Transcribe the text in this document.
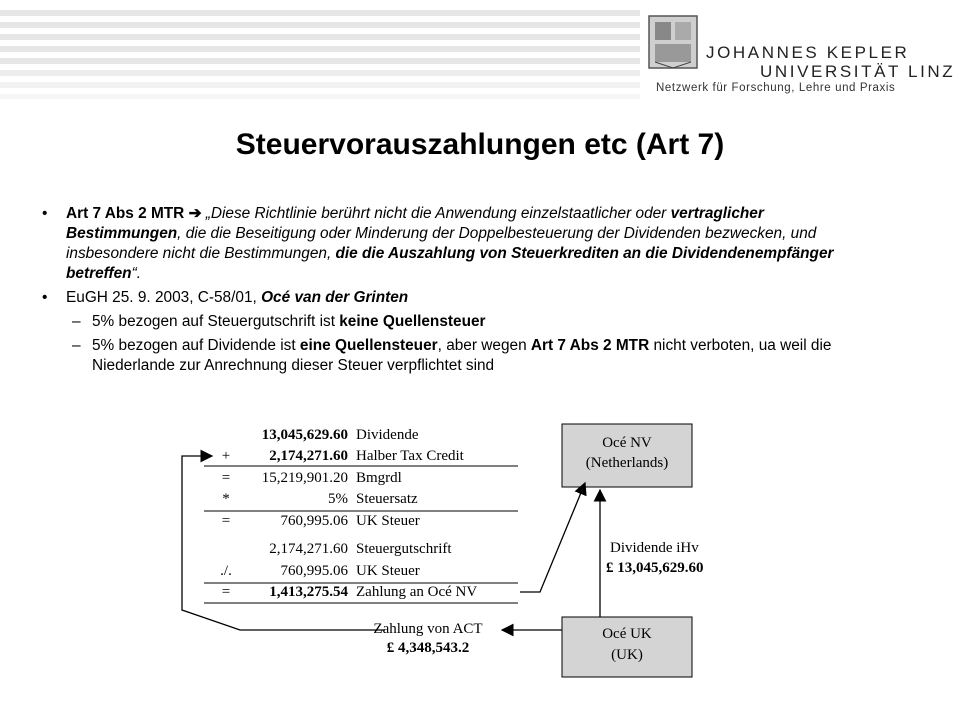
JOHANNES KEPLER
UNIVERSITÄT LINZ
Netzwerk für Forschung, Lehre und Praxis
Steuervorauszahlungen etc (Art 7)
• Art 7 Abs 2 MTR ➔ „Diese Richtlinie berührt nicht die Anwendung einzelstaatlicher oder vertraglicher Bestimmungen, die die Beseitigung oder Minderung der Doppelbesteuerung der Dividenden bezwecken, und insbesondere nicht die Bestimmungen, die die Auszahlung von Steuerkrediten an die Dividendenempfänger betreffen“.
• EuGH 25. 9. 2003, C-58/01, Océ van der Grinten
– 5% bezogen auf Steuergutschrift ist keine Quellensteuer
– 5% bezogen auf Dividende ist eine Quellensteuer, aber wegen Art 7 Abs 2 MTR nicht verboten, ua weil die Niederlande zur Anrechnung dieser Steuer verpflichtet sind
13,045,629.60 Dividende
+	2,174,271.60 Halber Tax Credit
= 15,219,901.20 Bmgrdl
*	5% Steuersatz
=	760,995.06 UK Steuer
2,174,271.60 Steuergutschrift
./.	760,995.06 UK Steuer
=	1,413,275.54 Zahlung an Océ NV
Océ NV
(Netherlands)
Océ UK
(UK)
Dividende iHv
£ 13,045,629.60
Zahlung von ACT
£ 4,348,543.2
